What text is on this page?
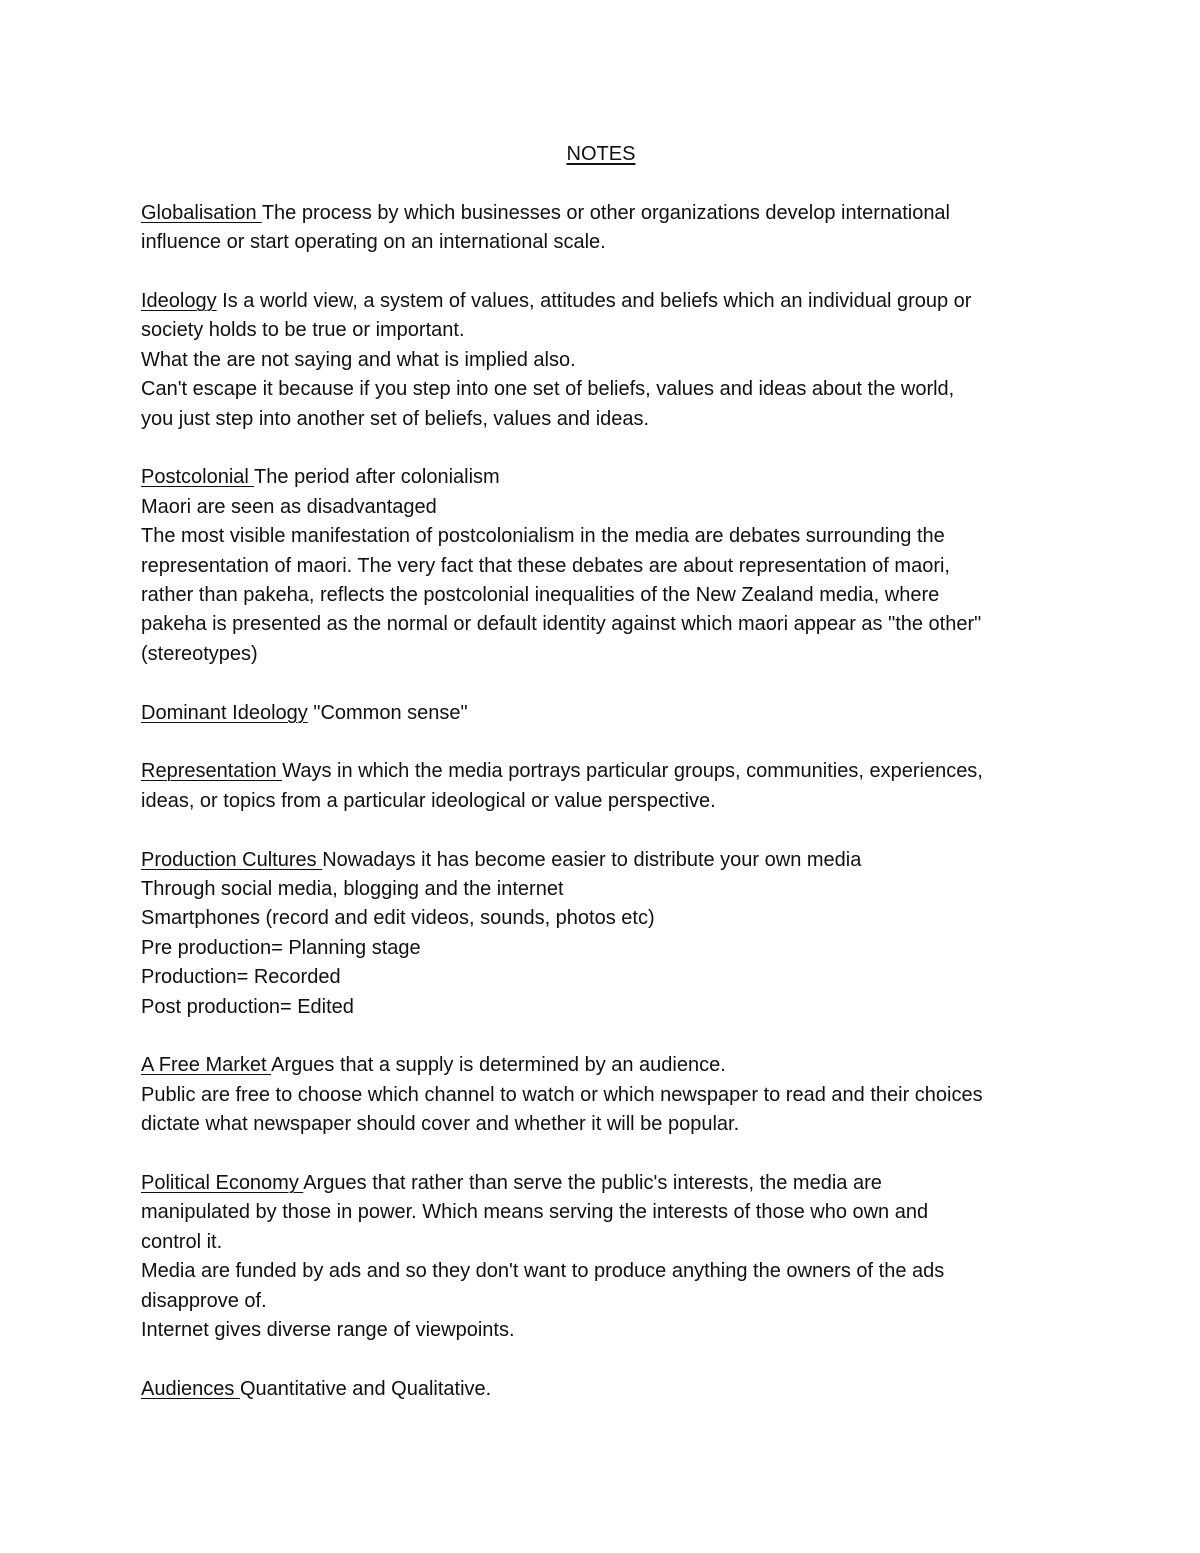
NOTES
Globalisation The process by which businesses or other organizations develop international
influence or start operating on an international scale.
Ideology Is a world view, a system of values, attitudes and beliefs which an individual group or
society holds to be true or important.
What the are not saying and what is implied also.
Can't escape it because if you step into one set of beliefs, values and ideas about the world,
you just step into another set of beliefs, values and ideas.
Postcolonial The period after colonialism
Maori are seen as disadvantaged
The most visible manifestation of postcolonialism in the media are debates surrounding the
representation of maori. The very fact that these debates are about representation of maori,
rather than pakeha, reflects the postcolonial inequalities of the New Zealand media, where
pakeha is presented as the normal or default identity against which maori appear as "the other"
(stereotypes)
Dominant Ideology "Common sense"
Representation Ways in which the media portrays particular groups, communities, experiences,
ideas, or topics from a particular ideological or value perspective.
Production Cultures Nowadays it has become easier to distribute your own media
Through social media, blogging and the internet
Smartphones (record and edit videos, sounds, photos etc)
Pre production= Planning stage
Production= Recorded
Post production= Edited
A Free Market Argues that a supply is determined by an audience.
Public are free to choose which channel to watch or which newspaper to read and their choices
dictate what newspaper should cover and whether it will be popular.
Political Economy Argues that rather than serve the public's interests, the media are
manipulated by those in power. Which means serving the interests of those who own and
control it.
Media are funded by ads and so they don't want to produce anything the owners of the ads
disapprove of.
Internet gives diverse range of viewpoints.
Audiences Quantitative and Qualitative.
